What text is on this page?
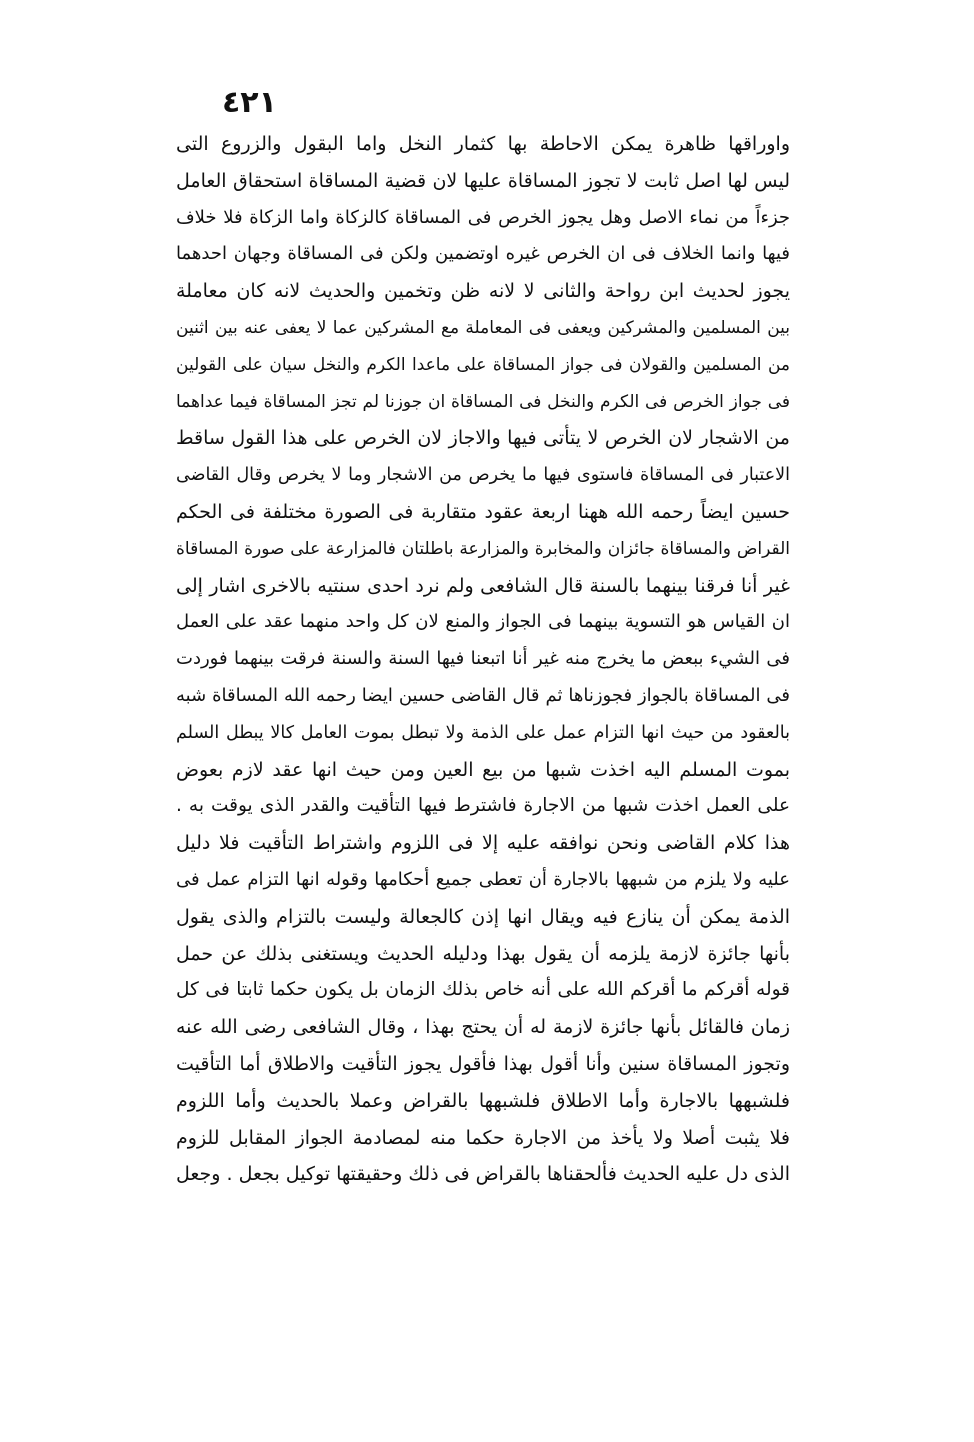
٤٢١
واوراقها ظاهرة يمكن الاحاطة بها كثمار النخل واما البقول والزروع التى
ليس لها اصل ثابت لا تجوز المساقاة عليها لان قضية المساقاة استحقاق العامل
جزءاً من نماء الاصل وهل يجوز الخرص فى المساقاة كالزكاة واما الزكاة فلا خلاف
فيها وانما الخلاف فى ان الخرص غيره اوتضمين ولكن فى المساقاة وجهان احدهما
يجوز لحديث ابن رواحة والثانى لا لانه ظن وتخمين والحديث لانه كان معاملة
بين المسلمين والمشركين ويعفى فى المعاملة مع المشركين عما لا يعفى عنه بين اثنين
من المسلمين والقولان فى جواز المساقاة على ماعدا الكرم والنخل سيان على القولين
فى جواز الخرص فى الكرم والنخل فى المساقاة ان جوزنا لم تجز المساقاة فيما عداهما
من الاشجار لان الخرص لا يتأتى فيها والاجاز لان الخرص على هذا القول ساقط
الاعتبار فى المساقاة فاستوى فيها ما يخرص من الاشجار وما لا يخرص وقال القاضى
حسين ايضاً رحمه الله ههنا اربعة عقود متقاربة فى الصورة مختلفة فى الحكم
القراض والمساقاة جائزان والمخابرة والمزارعة باطلتان فالمزارعة على صورة المساقاة
غير أنا فرقنا بينهما بالسنة قال الشافعى ولم نرد احدى سنتيه بالاخرى اشار إلى
ان القياس هو التسوية بينهما فى الجواز والمنع لان كل واحد منهما عقد على العمل
فى الشيء ببعض ما يخرج منه غير أنا اتبعنا فيها السنة والسنة فرقت بينهما فوردت
فى المساقاة بالجواز فجوزناها ثم قال القاضى حسين ايضا رحمه الله المساقاة شبه
بالعقود من حيث انها التزام عمل على الذمة ولا تبطل بموت العامل كالا يبطل السلم
بموت المسلم اليه اخذت شبها من بيع العين ومن حيث انها عقد لازم بعوض
على العمل اخذت شبها من الاجارة فاشترط فيها التأقيت والقدر الذى يوقت به .
هذا كلام القاضى ونحن نوافقه عليه إلا فى اللزوم واشتراط التأقيت فلا دليل
عليه ولا يلزم من شبهها بالاجارة أن تعطى جميع أحكامها وقوله انها التزام عمل فى
الذمة يمكن أن ينازع فيه ويقال انها إذن كالجعالة وليست بالتزام والذى يقول
بأنها جائزة لازمة يلزمه أن يقول بهذا ودليله الحديث ويستغنى بذلك عن حمل
قوله أقركم ما أقركم الله على أنه خاص بذلك الزمان بل يكون حكما ثابتا فى كل
زمان فالقائل بأنها جائزة لازمة له أن يحتج بهذا ، وقال الشافعى رضى الله عنه
وتجوز المساقاة سنين وأنا أقول بهذا فأقول يجوز التأقيت والاطلاق أما التأقيت
فلشبهها بالاجارة وأما الاطلاق فلشبهها بالقراض وعملا بالحديث وأما اللزوم
فلا يثبت أصلا ولا يأخذ من الاجارة حكما منه لمصادمة الجواز المقابل للزوم
الذى دل عليه الحديث فألحقناها بالقراض فى ذلك وحقيقتها توكيل بجعل . وجعل
